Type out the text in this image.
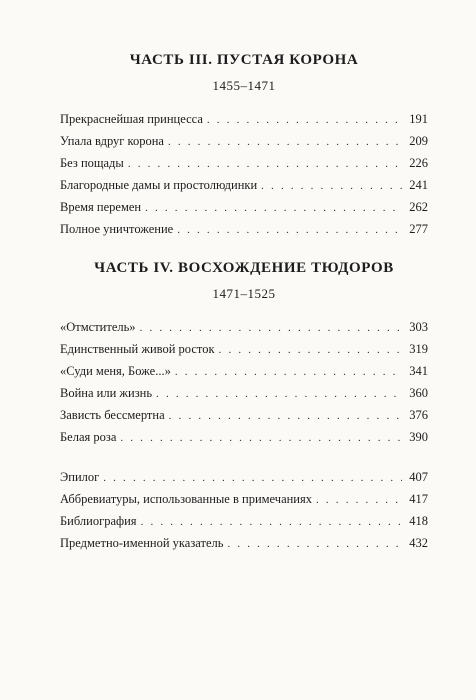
ЧАСТЬ III. ПУСТАЯ КОРОНА
1455–1471
Прекраснейшая принцесса . . .	191
Упала вдруг корона . . .	209
Без пощады . . .	226
Благородные дамы и простолюдинки . . .	241
Время перемен . . .	262
Полное уничтожение . . .	277
ЧАСТЬ IV. ВОСХОЖДЕНИЕ ТЮДОРОВ
1471–1525
«Отмститель» . . .	303
Единственный живой росток . . .	319
«Суди меня, Боже...» . . .	341
Война или жизнь . . .	360
Зависть бессмертна . . .	376
Белая роза . . .	390
Эпилог . . .	407
Аббревиатуры, использованные в примечаниях . . .	417
Библиография . . .	418
Предметно-именной указатель . . .	432
